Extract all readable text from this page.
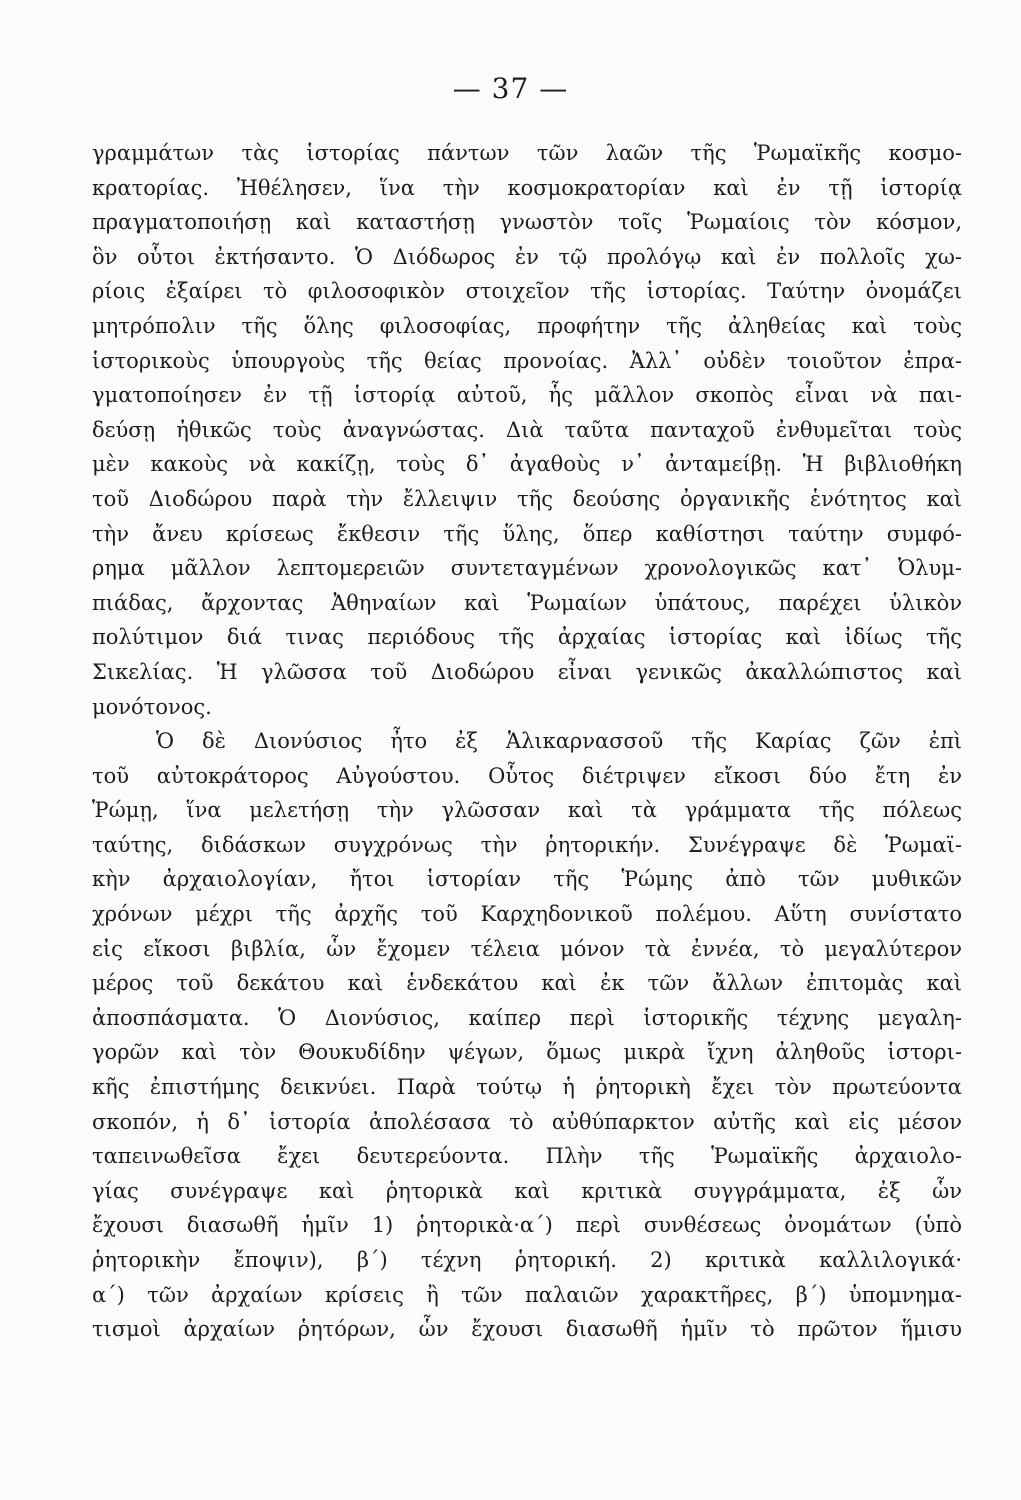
— 37 —
γραμμάτων τὰς ἱστορίας πάντων τῶν λαῶν τῆς Ῥωμαϊκῆς κοσμο-
κρατορίας. Ἠθέλησεν, ἵνα τὴν κοσμοκρατορίαν καὶ ἐν τῇ ἱστορίᾳ
πραγματοποιήσῃ καὶ καταστήσῃ γνωστὸν τοῖς Ῥωμαίοις τὸν κόσμον,
ὃν οὗτοι ἐκτήσαντο. Ὁ Διόδωρος ἐν τῷ προλόγῳ καὶ ἐν πολλοῖς χω-
ρίοις ἐξαίρει τὸ φιλοσοφικὸν στοιχεῖον τῆς ἱστορίας. Ταύτην ὀνομάζει
μητρόπολιν τῆς ὅλης φιλοσοφίας, προφήτην τῆς ἀληθείας καὶ τοὺς
ἱστορικοὺς ὑπουργοὺς τῆς θείας προνοίας. Ἀλλ᾽ οὐδὲν τοιοῦτον ἐπρα-
γματοποίησεν ἐν τῇ ἱστορίᾳ αὐτοῦ, ἧς μᾶλλον σκοπὸς εἶναι νὰ παι-
δεύσῃ ἠθικῶς τοὺς ἀναγνώστας. Διὰ ταῦτα πανταχοῦ ἐνθυμεῖται τοὺς
μὲν κακοὺς νὰ κακίζῃ, τοὺς δ᾽ ἀγαθοὺς ν᾽ ἀνταμείβῃ. Ἡ βιβλιοθήκη
τοῦ Διοδώρου παρὰ τὴν ἔλλειψιν τῆς δεούσης ὀργανικῆς ἑνότητος καὶ
τὴν ἄνευ κρίσεως ἔκθεσιν τῆς ὕλης, ὅπερ καθίστησι ταύτην συμφό-
ρημα μᾶλλον λεπτομερειῶν συντεταγμένων χρονολογικῶς κατ᾽ Ὀλυμ-
πιάδας, ἄρχοντας Ἀθηναίων καὶ Ῥωμαίων ὑπάτους, παρέχει ὑλικὸν
πολύτιμον διά τινας περιόδους τῆς ἀρχαίας ἱστορίας καὶ ἰδίως τῆς
Σικελίας. Ἡ γλῶσσα τοῦ Διοδώρου εἶναι γενικῶς ἀκαλλώπιστος καὶ
μονότονος.
Ὁ δὲ Διονύσιος ἦτο ἐξ Ἁλικαρνασσοῦ τῆς Καρίας ζῶν ἐπὶ
τοῦ αὐτοκράτορος Αὐγούστου. Οὗτος διέτριψεν εἴκοσι δύο ἔτη ἐν
Ῥώμῃ, ἵνα μελετήσῃ τὴν γλῶσσαν καὶ τὰ γράμματα τῆς πόλεως
ταύτης, διδάσκων συγχρόνως τὴν ῥητορικήν. Συνέγραψε δὲ Ῥωμαϊ-
κὴν ἀρχαιολογίαν, ἤτοι ἱστορίαν τῆς Ῥώμης ἀπὸ τῶν μυθικῶν
χρόνων μέχρι τῆς ἀρχῆς τοῦ Καρχηδονικοῦ πολέμου. Αὕτη συνίστατο
εἰς εἴκοσι βιβλία, ὧν ἔχομεν τέλεια μόνον τὰ ἐννέα, τὸ μεγαλύτερον
μέρος τοῦ δεκάτου καὶ ἑνδεκάτου καὶ ἐκ τῶν ἄλλων ἐπιτομὰς καὶ
ἀποσπάσματα. Ὁ Διονύσιος, καίπερ περὶ ἱστορικῆς τέχνης μεγαλη-
γορῶν καὶ τὸν Θουκυδίδην ψέγων, ὅμως μικρὰ ἴχνη ἀληθοῦς ἱστορι-
κῆς ἐπιστήμης δεικνύει. Παρὰ τούτῳ ἡ ῥητορικὴ ἔχει τὸν πρωτεύοντα
σκοπόν, ἡ δ᾽ ἱστορία ἀπολέσασα τὸ αὐθύπαρκτον αὐτῆς καὶ εἰς μέσον
ταπεινωθεῖσα ἔχει δευτερεύοντα. Πλὴν τῆς Ῥωμαϊκῆς ἀρχαιολο-
γίας συνέγραψε καὶ ῥητορικὰ καὶ κριτικὰ συγγράμματα, ἐξ ὧν
ἔχουσι διασωθῆ ἡμῖν 1) ῥητορικὰ·α´) περὶ συνθέσεως ὀνομάτων (ὑπὸ
ῥητορικὴν ἔποψιν), β´) τέχνη ῥητορική. 2) κριτικὰ καλλιλογικά·
α´) τῶν ἀρχαίων κρίσεις ἢ τῶν παλαιῶν χαρακτῆρες, β´) ὑπομνημα-
τισμοὶ ἀρχαίων ῥητόρων, ὧν ἔχουσι διασωθῆ ἡμῖν τὸ πρῶτον ἥμισυ
